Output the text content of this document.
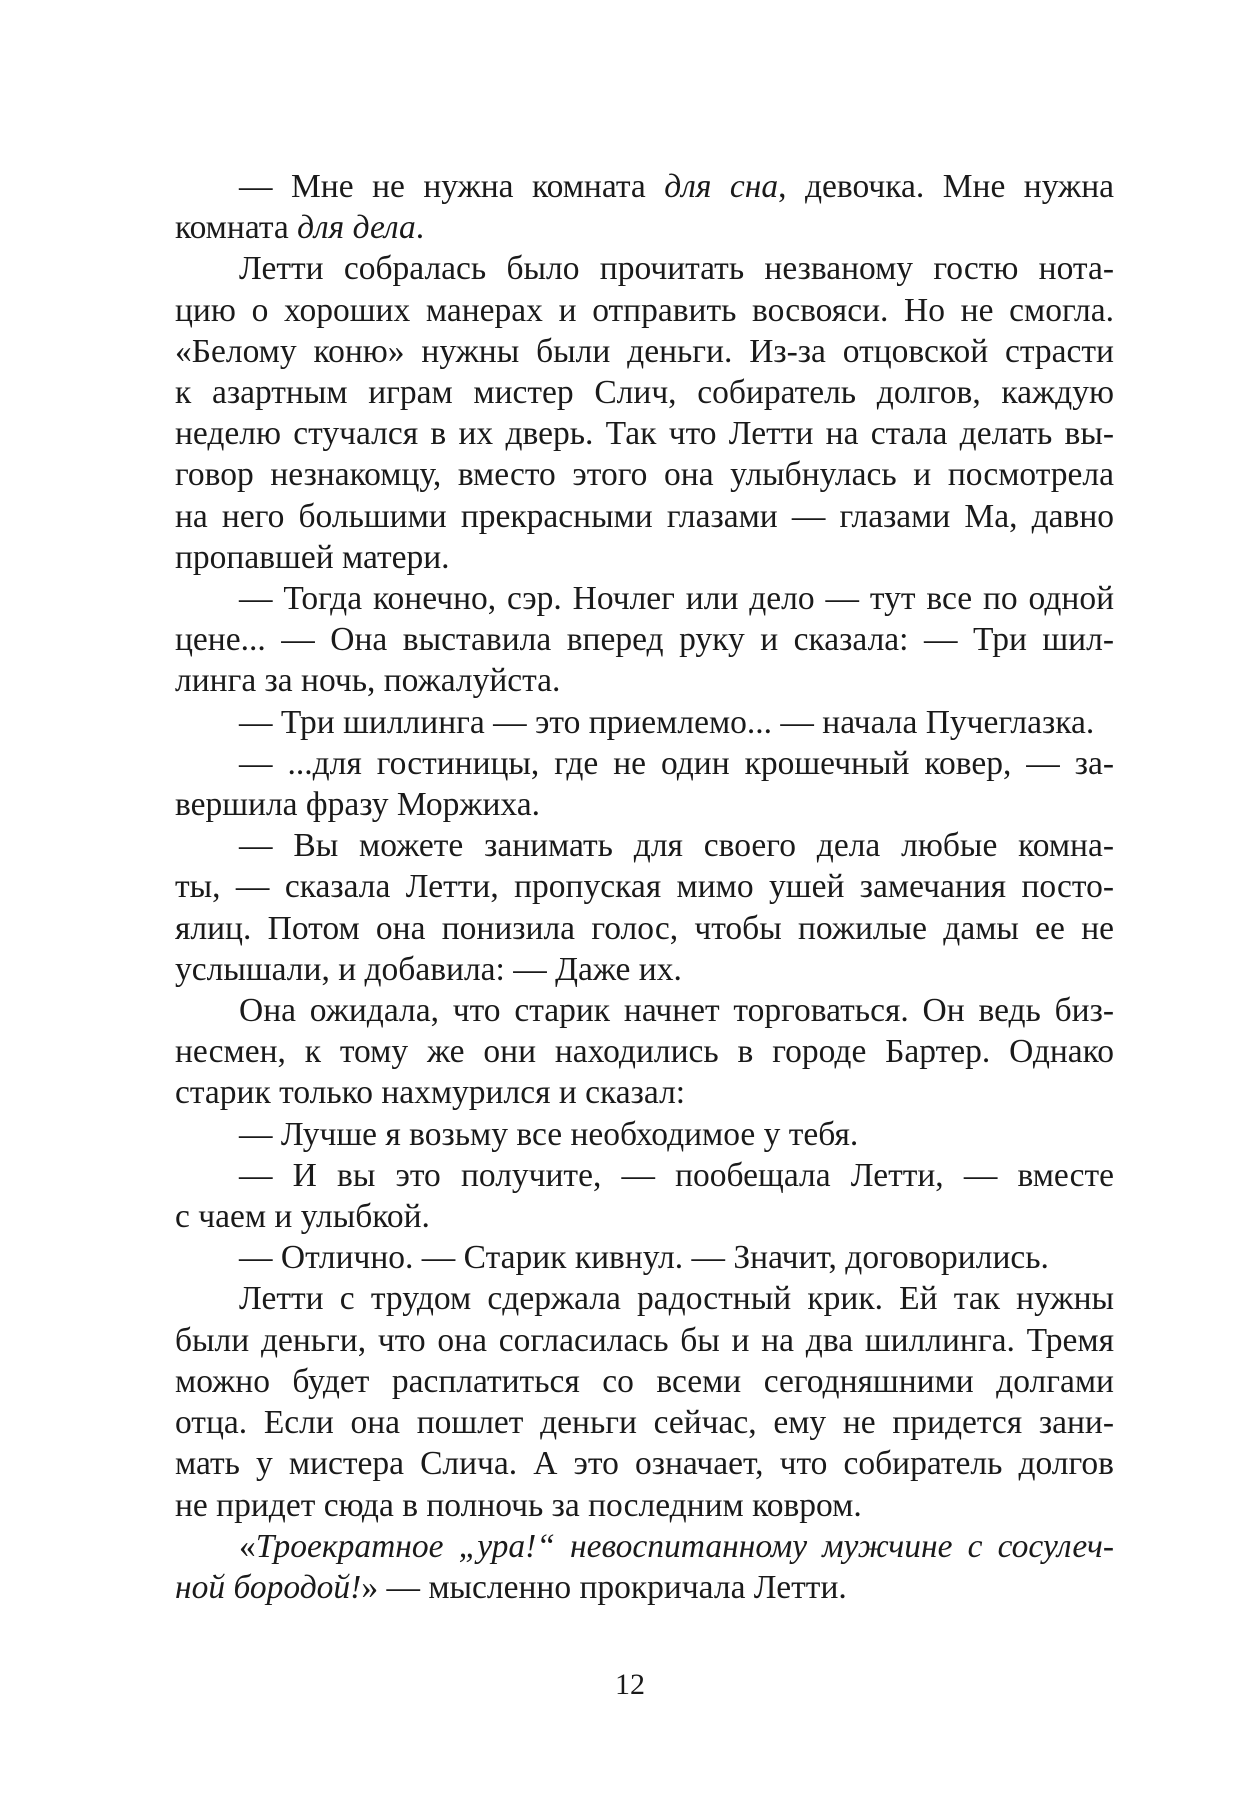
— Мне не нужна комната для сна, девочка. Мне нужна
комната для дела.

Летти собралась было прочитать незваному гостю нота-
цию о хороших манерах и отправить восвояси. Но не смогла.
«Белому коню» нужны были деньги. Из-за отцовской страсти
к азартным играм мистер Слич, собиратель долгов, каждую
неделю стучался в их дверь. Так что Летти на стала делать вы-
говор незнакомцу, вместо этого она улыбнулась и посмотрела
на него большими прекрасными глазами — глазами Ма, давно
пропавшей матери.

— Тогда конечно, сэр. Ночлег или дело — тут все по одной
цене... — Она выставила вперед руку и сказала: — Три шил-
линга за ночь, пожалуйста.

— Три шиллинга — это приемлемо... — начала Пучеглазка.

— ...для гостиницы, где не один крошечный ковер, — за-
вершила фразу Моржиха.

— Вы можете занимать для своего дела любые комна-
ты, — сказала Летти, пропуская мимо ушей замечания посто-
ялиц. Потом она понизила голос, чтобы пожилые дамы ее не
услышали, и добавила: — Даже их.

Она ожидала, что старик начнет торговаться. Он ведь биз-
несмен, к тому же они находились в городе Бартер. Однако
старик только нахмурился и сказал:

— Лучше я возьму все необходимое у тебя.

— И вы это получите, — пообещала Летти, — вместе
с чаем и улыбкой.

— Отлично. — Старик кивнул. — Значит, договорились.

Летти с трудом сдержала радостный крик. Ей так нужны
были деньги, что она согласилась бы и на два шиллинга. Тремя
можно будет расплатиться со всеми сегодняшними долгами
отца. Если она пошлет деньги сейчас, ему не придется зани-
мать у мистера Слича. А это означает, что собиратель долгов
не придет сюда в полночь за последним ковром.

«Троекратное „ура!“ невоспитанному мужчине с сосулеч-
ной бородой!» — мысленно прокричала Летти.

12
